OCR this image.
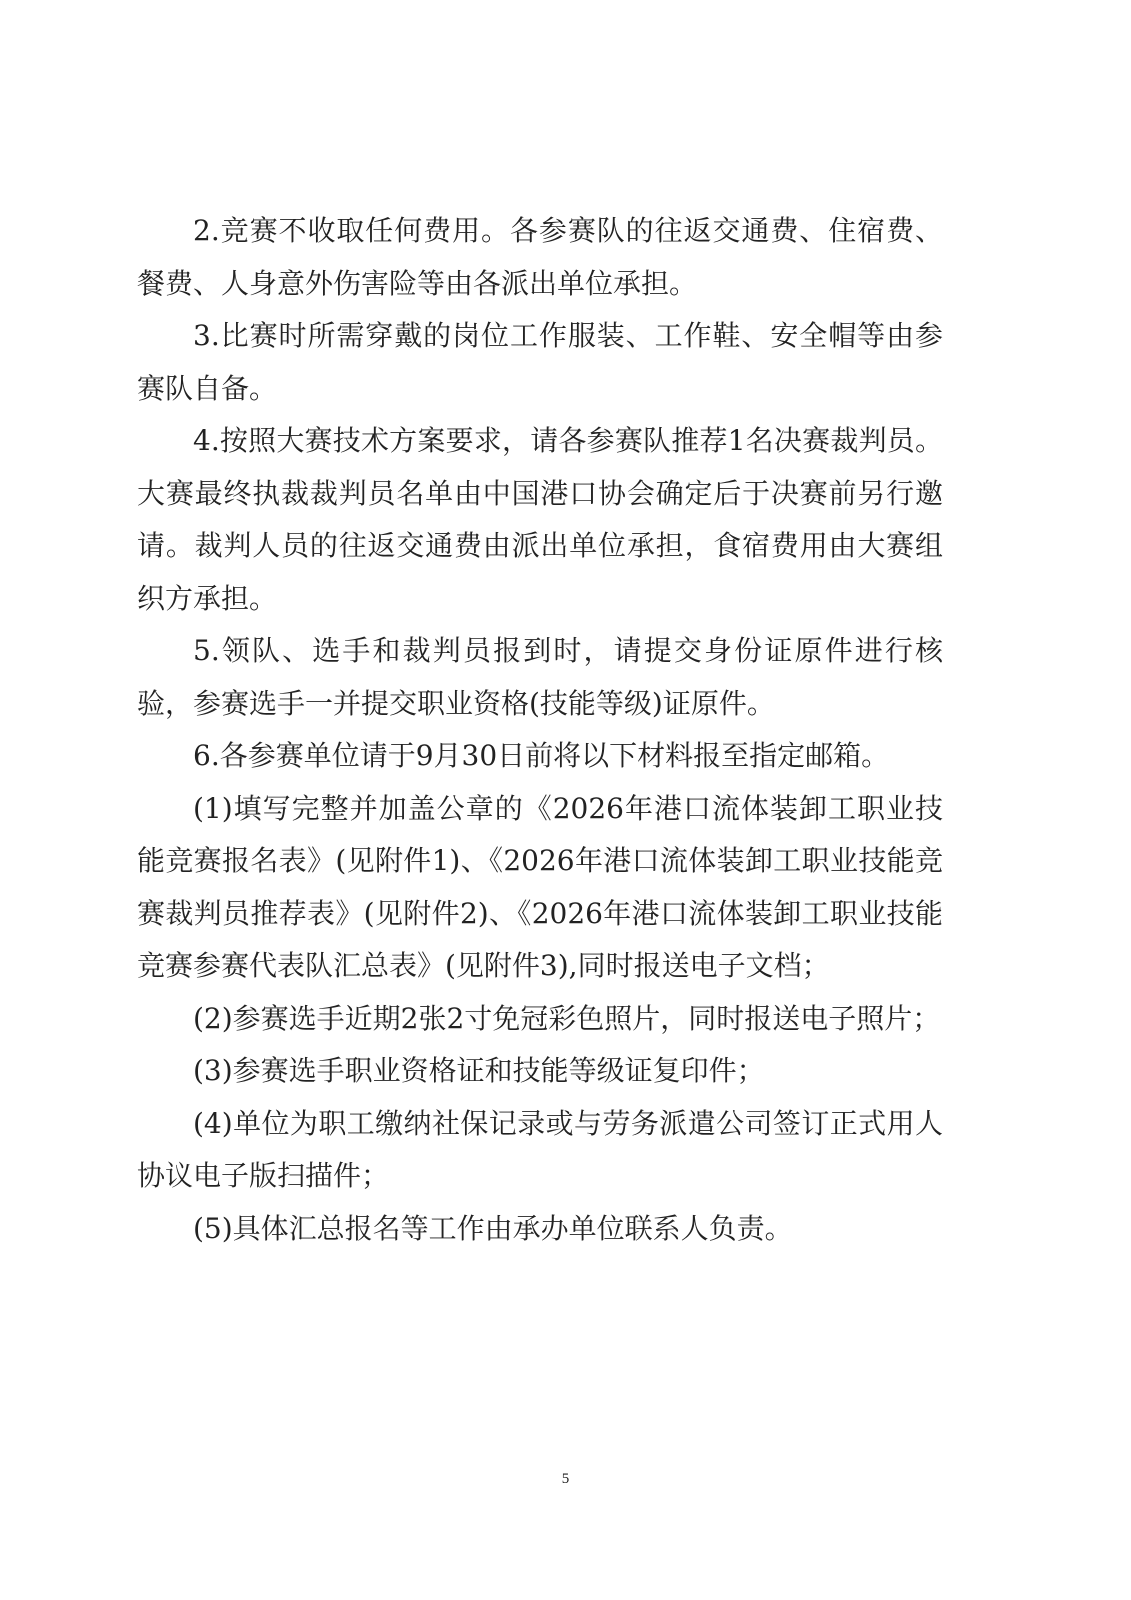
2.竞赛不收取任何费用。各参赛队的往返交通费、住宿费、餐费、人身意外伤害险等由各派出单位承担。

3.比赛时所需穿戴的岗位工作服装、工作鞋、安全帽等由参赛队自备。

4.按照大赛技术方案要求，请各参赛队推荐1名决赛裁判员。大赛最终执裁裁判员名单由中国港口协会确定后于决赛前另行邀请。裁判人员的往返交通费由派出单位承担，食宿费用由大赛组织方承担。

5.领队、选手和裁判员报到时，请提交身份证原件进行核验，参赛选手一并提交职业资格(技能等级)证原件。

6.各参赛单位请于9月30日前将以下材料报至指定邮箱。

(1)填写完整并加盖公章的《2026年港口流体装卸工职业技能竞赛报名表》(见附件1)、《2026年港口流体装卸工职业技能竞赛裁判员推荐表》(见附件2)、《2026年港口流体装卸工职业技能竞赛参赛代表队汇总表》(见附件3),同时报送电子文档；

(2)参赛选手近期2张2寸免冠彩色照片，同时报送电子照片；

(3)参赛选手职业资格证和技能等级证复印件；

(4)单位为职工缴纳社保记录或与劳务派遣公司签订正式用人协议电子版扫描件；

(5)具体汇总报名等工作由承办单位联系人负责。

5
